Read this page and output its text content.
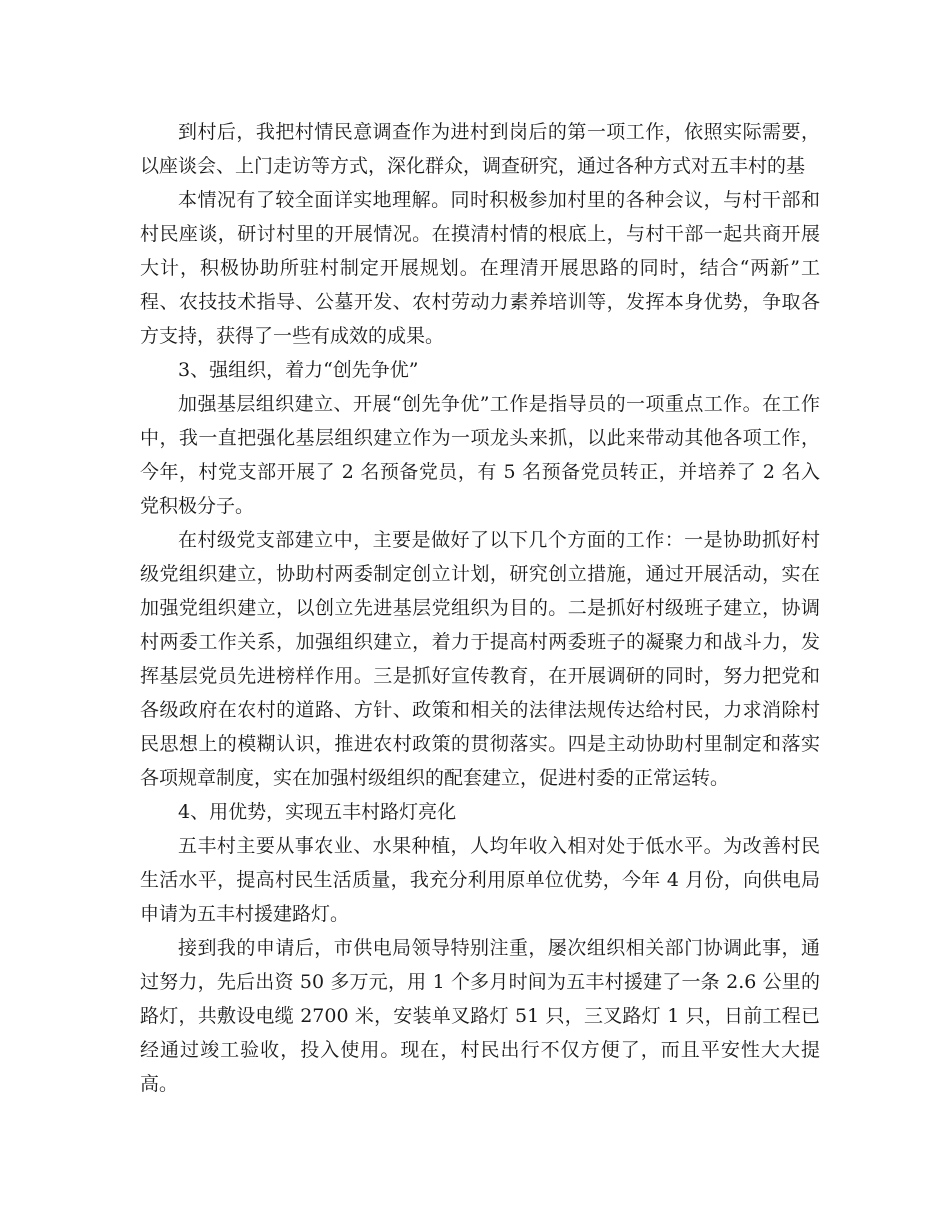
到村后，我把村情民意调查作为进村到岗后的第一项工作，依照实际需要，以座谈会、上门走访等方式，深化群众，调查研究，通过各种方式对五丰村的基

本情况有了较全面详实地理解。同时积极参加村里的各种会议，与村干部和村民座谈，研讨村里的开展情况。在摸清村情的根底上，与村干部一起共商开展大计，积极协助所驻村制定开展规划。在理清开展思路的同时，结合“两新”工程、农技技术指导、公墓开发、农村劳动力素养培训等，发挥本身优势，争取各方支持，获得了一些有成效的成果。

3、强组织，着力“创先争优”

加强基层组织建立、开展“创先争优”工作是指导员的一项重点工作。在工作中，我一直把强化基层组织建立作为一项龙头来抓，以此来带动其他各项工作，今年，村党支部开展了 2 名预备党员，有 5 名预备党员转正，并培养了 2 名入党积极分子。

在村级党支部建立中，主要是做好了以下几个方面的工作：一是协助抓好村级党组织建立，协助村两委制定创立计划，研究创立措施，通过开展活动，实在加强党组织建立，以创立先进基层党组织为目的。二是抓好村级班子建立，协调村两委工作关系，加强组织建立，着力于提高村两委班子的凝聚力和战斗力，发挥基层党员先进榜样作用。三是抓好宣传教育，在开展调研的同时，努力把党和各级政府在农村的道路、方针、政策和相关的法律法规传达给村民，力求消除村民思想上的模糊认识，推进农村政策的贯彻落实。四是主动协助村里制定和落实各项规章制度，实在加强村级组织的配套建立，促进村委的正常运转。

4、用优势，实现五丰村路灯亮化

五丰村主要从事农业、水果种植，人均年收入相对处于低水平。为改善村民生活水平，提高村民生活质量，我充分利用原单位优势，今年 4 月份，向供电局申请为五丰村援建路灯。

接到我的申请后，市供电局领导特别注重，屡次组织相关部门协调此事，通过努力，先后出资 50 多万元，用 1 个多月时间为五丰村援建了一条 2.6 公里的路灯，共敷设电缆 2700 米，安装单叉路灯 51 只，三叉路灯 1 只，日前工程已经通过竣工验收，投入使用。现在，村民出行不仅方便了，而且平安性大大提高。
